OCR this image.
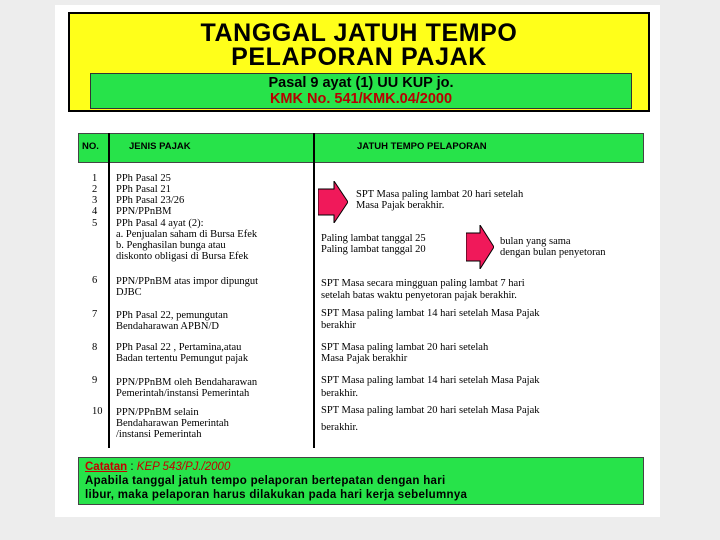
TANGGAL JATUH TEMPO
PELAPORAN PAJAK
Pasal 9 ayat (1) UU KUP jo.
KMK No. 541/KMK.04/2000
NO.	JENIS PAJAK	JATUH TEMPO PELAPORAN
1
2
3
4
5
PPh Pasal 25
PPh Pasal 21
PPh Pasal 23/26
PPN/PPnBM
PPh Pasal 4 ayat (2):
a. Penjualan saham di Bursa Efek
b. Penghasilan bunga atau
diskonto obligasi di Bursa Efek
SPT Masa paling lambat 20 hari setelah
Masa Pajak berakhir.
Paling lambat tanggal 25
Paling lambat tanggal 20
bulan yang sama
dengan bulan penyetoran
6 PPN/PPnBM atas impor dipungut
DJBC
SPT Masa secara mingguan paling lambat 7 hari
setelah batas waktu penyetoran pajak berakhir.
7 PPh Pasal 22, pemungutan
Bendaharawan APBN/D
SPT Masa paling lambat 14 hari setelah Masa Pajak
berakhir
8 PPh Pasal 22 , Pertamina,atau
Badan tertentu Pemungut pajak
SPT Masa paling lambat 20 hari setelah
Masa Pajak berakhir
9 PPN/PPnBM oleh Bendaharawan
Pemerintah/instansi Pemerintah
SPT Masa paling lambat 14 hari setelah Masa Pajak
berakhir.
10 PPN/PPnBM selain
Bendaharawan Pemerintah
/instansi Pemerintah
SPT Masa paling lambat 20 hari setelah Masa Pajak
berakhir.
Catatan : KEP 543/PJ./2000
Apabila tanggal jatuh tempo pelaporan bertepatan dengan hari
libur, maka pelaporan harus dilakukan pada hari kerja sebelumnya
